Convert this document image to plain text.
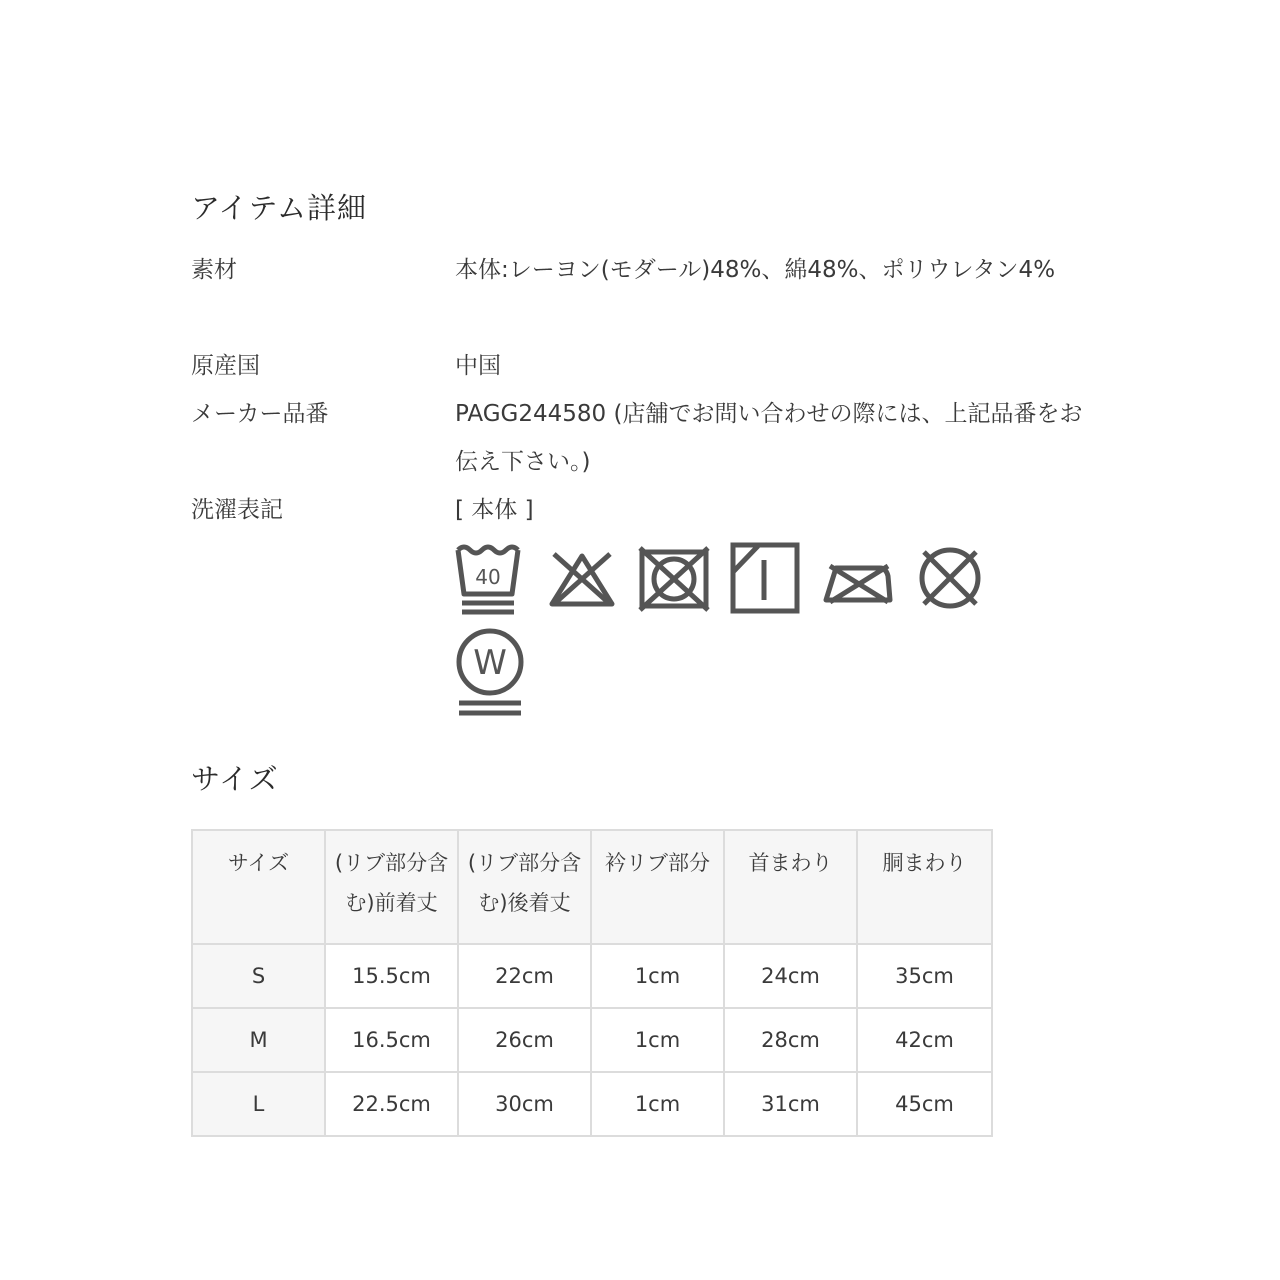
アイテム詳細
素材	本体:レーヨン(モダール)48%、綿48%、ポリウレタン4%
原産国	中国
メーカー品番	PAGG244580 (店舗でお問い合わせの際には、上記品番をお伝え下さい。)
洗濯表記	[ 本体 ]
40
W
サイズ
サイズ	(リブ部分含む)前着丈	(リブ部分含む)後着丈	衿リブ部分	首まわり	胴まわり
S	15.5cm	22cm	1cm	24cm	35cm
M	16.5cm	26cm	1cm	28cm	42cm
L	22.5cm	30cm	1cm	31cm	45cm
